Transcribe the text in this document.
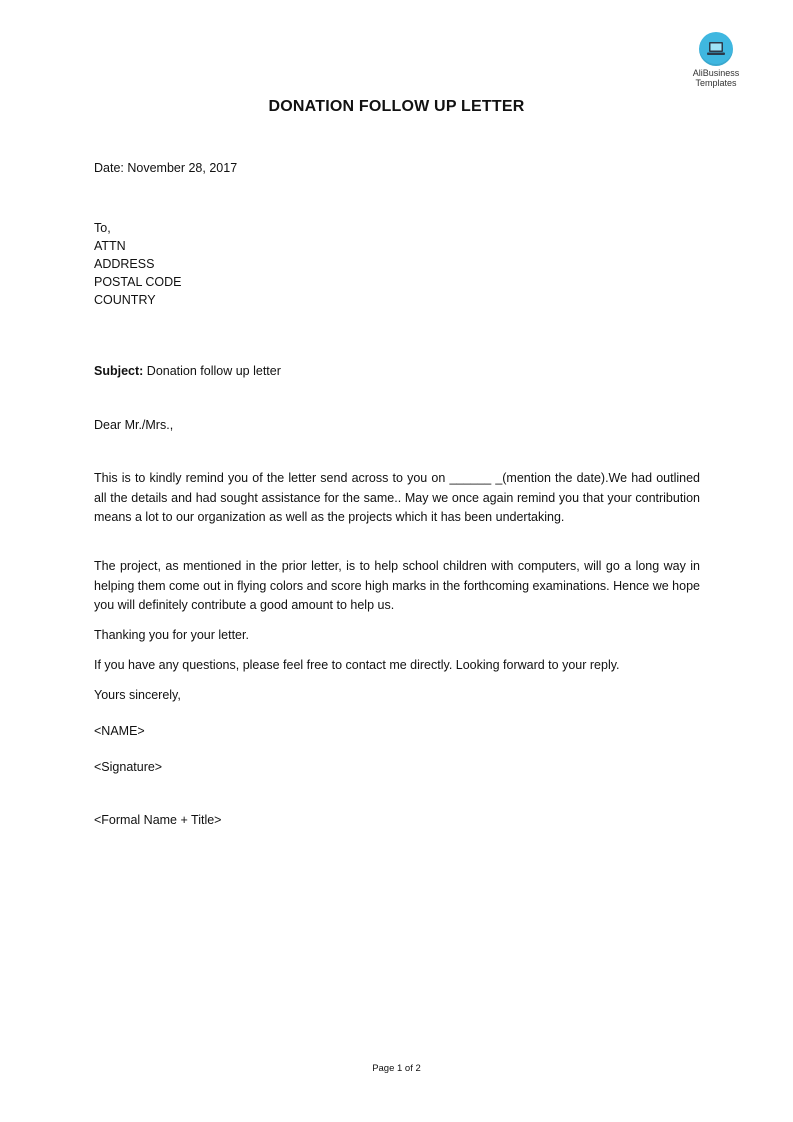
AliBusiness
Templates
DONATION FOLLOW UP LETTER
Date: November 28, 2017
To,
ATTN
ADDRESS
POSTAL CODE
COUNTRY
Subject: Donation follow up letter
Dear Mr./Mrs.,
This is to kindly remind you of the letter send across to you on ______ _(mention the date).We had outlined all the details and had sought assistance for the same.. May we once again remind you that your contribution means a lot to our organization as well as the projects which it has been undertaking.
The project, as mentioned in the prior letter, is to help school children with computers, will go a long way in helping them come out in flying colors and score high marks in the forthcoming examinations. Hence we hope you will definitely contribute a good amount to help us.
Thanking you for your letter.
If you have any questions, please feel free to contact me directly. Looking forward to your reply.
Yours sincerely,
<NAME>
<Signature>
<Formal Name + Title>
Page 1 of 2
